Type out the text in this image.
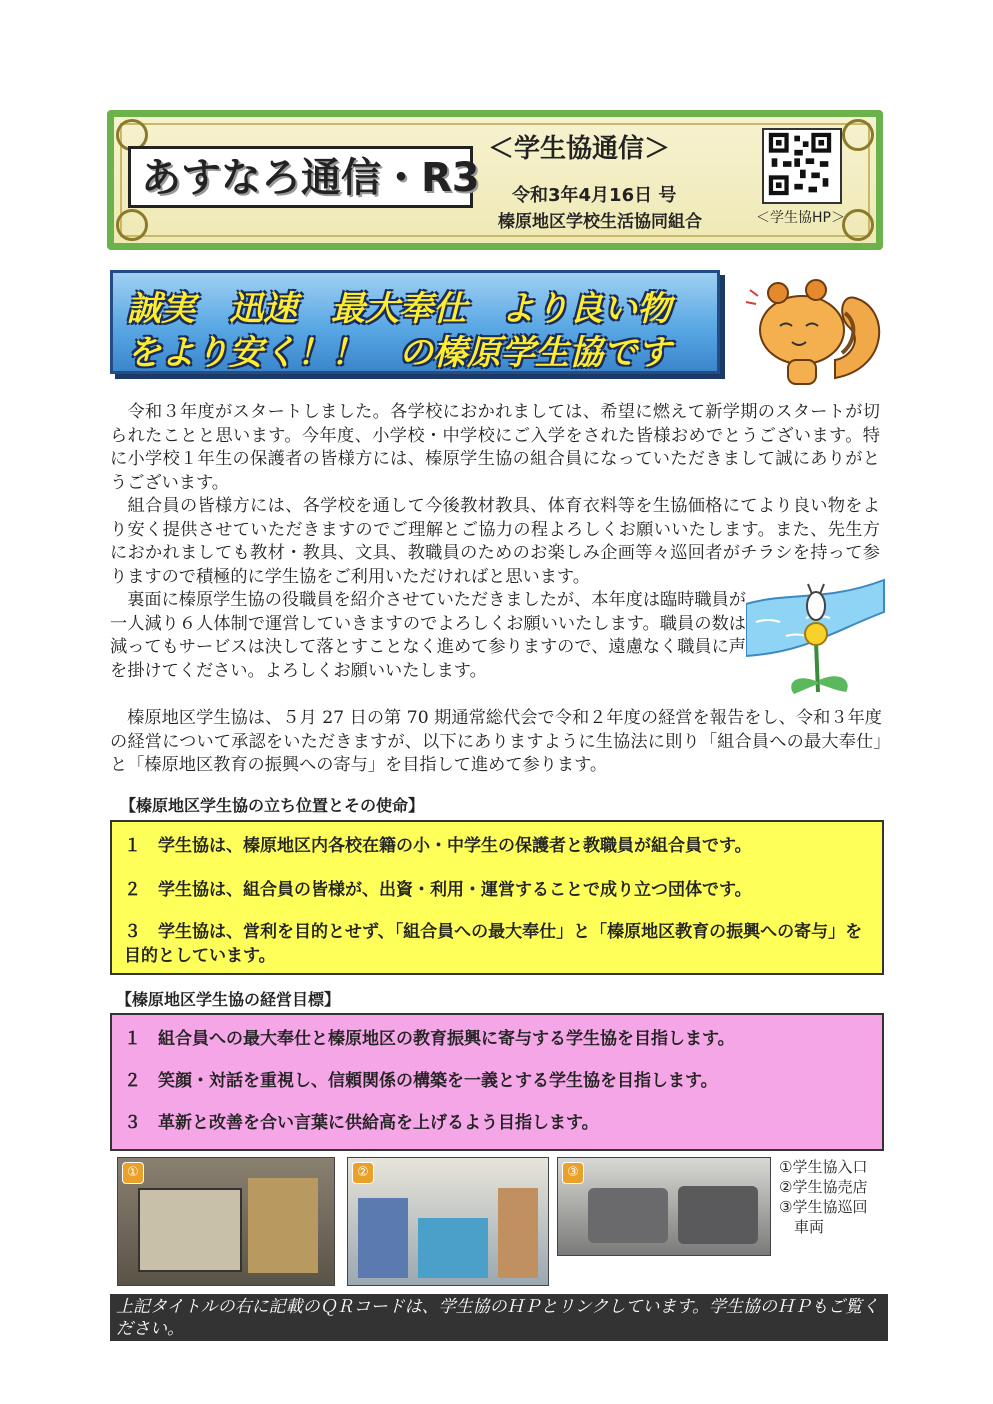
あすなろ通信・R3
＜学生協通信＞
令和3年4月16日 号
榛原地区学校生活協同組合	＜学生協HP＞
誠実　迅速　最大奉仕　より良い物
をより安く！！　の榛原学生協です

　令和３年度がスタートしました。各学校におかれましては、希望に燃えて新学期のスタートが切られたことと思います。今年度、小学校・中学校にご入学をされた皆様おめでとうございます。特に小学校１年生の保護者の皆様方には、榛原学生協の組合員になっていただきまして誠にありがとうございます。

　組合員の皆様方には、各学校を通して今後教材教具、体育衣料等を生協価格にてより良い物をより安く提供させていただきますのでご理解とご協力の程よろしくお願いいたします。また、先生方におかれましても教材・教具、文具、教職員のためのお楽しみ企画等々巡回者がチラシを持って参りますので積極的に学生協をご利用いただければと思います。

　裏面に榛原学生協の役職員を紹介させていただきましたが、本年度は臨時職員が一人減り６人体制で運営していきますのでよろしくお願いいたします。職員の数は減ってもサービスは決して落とすことなく進めて参りますので、遠慮なく職員に声を掛けてください。よろしくお願いいたします。

　榛原地区学生協は、５月 27 日の第 70 期通常総代会で令和２年度の経営を報告をし、令和３年度の経営について承認をいただきますが、以下にありますように生協法に則り「組合員への最大奉仕」と「榛原地区教育の振興への寄与」を目指して進めて参ります。

【榛原地区学生協の立ち位置とその使命】
１　学生協は、榛原地区内各校在籍の小・中学生の保護者と教職員が組合員です。
２　学生協は、組合員の皆様が、出資・利用・運営することで成り立つ団体です。
３　学生協は、営利を目的とせず、「組合員への最大奉仕」と「榛原地区教育の振興への寄与」を目的としています。
【榛原地区学生協の経営目標】
１　組合員への最大奉仕と榛原地区の教育振興に寄与する学生協を目指します。
２　笑顔・対話を重視し、信頼関係の構築を一義とする学生協を目指します。
３　革新と改善を合い言葉に供給高を上げるよう目指します。
①	②	③	①学生協入口
②学生協売店
③学生協巡回
　車両
上記タイトルの右に記載のＱＲコードは、学生協のＨＰとリンクしています。学生協のＨＰもご覧ください。
